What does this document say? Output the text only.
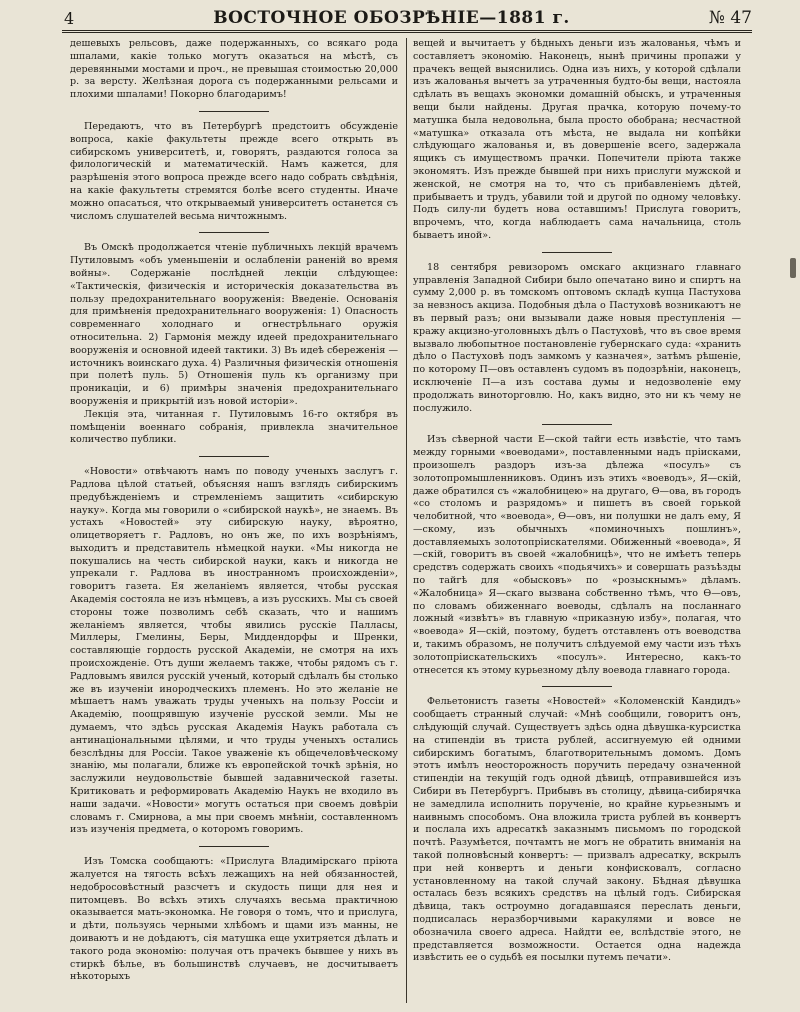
4	ВОСТОЧНОЕ ОБОЗРѢНІЕ—1881 г.	№ 47

дешевыхъ рельсовъ, даже подержанныхъ, со всякаго рода шпалами, какіе только могутъ оказаться на мѣстѣ, съ деревянными мостами и проч., не превышая стоимостью 20,000 р. за версту. Желѣзная дорога съ подержанными рельсами и плохими шпалами! Покорно благодаримъ!

Передаютъ, что въ Петербургѣ предстоитъ обсужденіе вопроса, какіе факультеты прежде всего открыть въ сибирскомъ университетѣ, и, говорятъ, раздаются голоса за филологическій и математическій. Намъ кажется, для разрѣшенія этого вопроса прежде всего надо собрать свѣдѣнія, на какіе факультеты стремятся болѣе всего студенты. Иначе можно опасаться, что открываемый университетъ останется съ числомъ слушателей весьма ничтожнымъ.

Въ Омскѣ продолжается чтеніе публичныхъ лекцій врачемъ Путиловымъ «объ уменьшеніи и ослабленіи раненій во время войны». Содержаніе послѣдней лекціи слѣдующее: «Тактическія, физическія и историческія доказательства въ пользу предохранительнаго вооруженія: Введеніе. Основанія для примѣненія предохранительнаго вооруженія: 1) Опасность современнаго холоднаго и огнестрѣльнаго оружія относительна. 2) Гармонія между идеей предохранительнаго вооруженія и основной идеей тактики. 3) Въ идеѣ сбереженія — источникъ воинскаго духа. 4) Различныя физическія отношенія при полетѣ пуль. 5) Отношенія пуль къ организму при проникаціи, и 6) примѣры значенія предохранительнаго вооруженія и прикрытій изъ новой исторіи».

Лекція эта, читанная г. Путиловымъ 16-го октября въ помѣщеніи военнаго собранія, привлекла значительное количество публики.

«Новости» отвѣчаютъ намъ по поводу ученыхъ заслугъ г. Радлова цѣлой статьей, объясняя нашъ взглядъ сибирскимъ предубѣжденіемъ и стремленіемъ защитить «сибирскую науку». Когда мы говорили о «сибирской наукѣ», не знаемъ. Въ устахъ «Новостей» эту сибирскую науку, вѣроятно, олицетворяетъ г. Радловъ, но онъ же, по ихъ возрѣніямъ, выходитъ и представитель нѣмецкой науки. «Мы никогда не покушались на честь сибирской науки, какъ и никогда не упрекали г. Радлова въ иностранномъ происхожденіи», говоритъ газета. Ея желаніемъ является, чтобы русская Академія состояла не изъ нѣмцевъ, а изъ русскихъ. Мы съ своей стороны тоже позволимъ себѣ сказать, что и нашимъ желаніемъ является, чтобы явились русскіе Палласы, Миллеры, Гмелины, Беры, Миддендорфы и Шренки, составляющіе гордость русской Академіи, не смотря на ихъ происхожденіе. Отъ души желаемъ также, чтобы рядомъ съ г. Радловымъ явился русскій ученый, который сдѣлалъ бы столько же въ изученіи инородческихъ племенъ. Но это желаніе не мѣшаетъ намъ уважать труды ученыхъ на пользу Россіи и Академію, поощрявшую изученіе русской земли. Мы не думаемъ, что здѣсь русская Академія Наукъ работала съ антинаціональными цѣлями, и что труды ученыхъ остались безслѣдны для Россіи. Такое уваженіе къ общечеловѣческому знанію, мы полагали, ближе къ европейской точкѣ зрѣнія, но заслужили неудовольствіе бывшей задавнической газеты. Критиковать и реформировать Академію Наукъ не входило въ наши задачи. «Новости» могутъ остаться при своемъ довѣріи словамъ г. Смирнова, а мы при своемъ мнѣніи, составленномъ изъ изученія предмета, о которомъ говоримъ.

Изъ Томска сообщаютъ: «Прислуга Владимірскаго пріюта жалуется на тягость всѣхъ лежащихъ на ней обязанностей, недобросовѣстный разсчетъ и скудость пищи для нея и питомцевъ. Во всѣхъ этихъ случаяхъ весьма практичною оказывается мать-экономка. Не говоря о томъ, что и прислуга, и дѣти, пользуясь черными хлѣбомъ и щами изъ манны, не доиваютъ и не доѣдаютъ, сія матушка еще ухитряется дѣлать и такого рода экономію: получая отъ прачекъ бывшее у нихъ въ стиркѣ бѣлье, въ большинствѣ случаевъ, не досчитываетъ нѣкоторыхъ

вещей и вычитаетъ у бѣдныхъ деньги изъ жалованья, чѣмъ и составляетъ экономію. Наконецъ, нынѣ причины пропажи у прачекъ вещей выяснились. Одна изъ нихъ, у которой сдѣлали изъ жалованья вычетъ за утраченныя будто-бы вещи, настояла сдѣлать въ вещахъ экономки домашній обыскъ, и утраченныя вещи были найдены. Другая прачка, которую почему-то матушка была недовольна, была просто обобрана; несчастной «матушка» отказала отъ мѣста, не выдала ни копѣйки слѣдующаго жалованья и, въ довершеніе всего, задержала ящикъ съ имуществомъ прачки. Попечители пріюта также экономятъ. Изъ прежде бывшей при нихъ прислуги мужской и женской, не смотря на то, что съ прибавленіемъ дѣтей, прибываетъ и трудъ, убавили той и другой по одному человѣку. Подъ силу-ли будетъ нова оставшимъ! Прислуга говоритъ, впрочемъ, что, когда наблюдаетъ сама начальница, столь бываетъ иной».

18 сентября ревизоромъ омскаго акцизнаго главнаго управленія Западной Сибири было опечатано вино и спиртъ на сумму 2,000 р. въ томскомъ оптовомъ складѣ купца Пастухова за невзносъ акциза. Подобныя дѣла о Пастуховѣ возникаютъ не въ первый разъ; они вызывали даже новыя преступленія — кражу акцизно-уголовныхъ дѣлъ о Пастуховѣ, что въ свое время вызвало любопытное постановленіе губернскаго суда: «хранить дѣло о Пастуховѣ подъ замкомъ у казначея», затѣмъ рѣшеніе, по которому П—овъ оставленъ судомъ въ подозрѣніи, наконецъ, исключеніе П—а изъ состава думы и недозволеніе ему продолжать виноторговлю. Но, какъ видно, это ни къ чему не послужило.

Изъ сѣверной части Е—ской тайги есть извѣстіе, что тамъ между горными «воеводами», поставленными надъ пріисками, произошелъ раздоръ изъ-за дѣлежа «посулъ» съ золотопромышленниковъ. Одинъ изъ этихъ «воеводъ», Я—скій, даже обратился съ «жалобницею» на другаго, Ѳ—ова, въ городъ «со столомъ и разрядомъ» и пишетъ въ своей горькой челобитной, что «воевода», Ѳ—овъ, ни полушки не далъ ему, Я—скому, изъ обычныхъ «поминочныхъ пошлинъ», доставляемыхъ золотопріискателями. Обиженный «воевода», Я—скій, говоритъ въ своей «жалобницѣ», что не имѣетъ теперь средствъ содержать своихъ «подьячихъ» и совершать разъѣзды по тайгѣ для «обысковъ» по «розыскнымъ» дѣламъ. «Жалобница» Я—скаго вызвана собственно тѣмъ, что Ѳ—овъ, по словамъ обиженнаго воеводы, сдѣлалъ на посланнаго ложный «извѣтъ» въ главную «приказную избу», полагая, что «воевода» Я—скій, поэтому, будетъ отставленъ отъ воеводства и, такимъ образомъ, не получитъ слѣдуемой ему части изъ тѣхъ золотопріискательскихъ «посулъ». Интересно, какъ-то отнесется къ этому курьезному дѣлу воевода главнаго города.

Фельетонистъ газеты «Новостей» «Коломенскій Кандидъ» сообщаетъ странный случай: «Мнѣ сообщили, говоритъ онъ, слѣдующій случай. Существуетъ здѣсь одна дѣвушка-курсистка на стипендіи въ триста рублей, ассигнуемую ей одними сибирскимъ богатымъ, благотворительнымъ домомъ. Домъ этотъ имѣлъ неосторожность поручить передачу означенной стипендіи на текущій годъ одной дѣвицѣ, отправившейся изъ Сибири въ Петербургъ. Прибывъ въ столицу, дѣвица-сибирячка не замедлила исполнить порученіе, но крайне курьезнымъ и наивнымъ способомъ. Она вложила триста рублей въ конвертъ и послала ихъ адресаткѣ заказнымъ письмомъ по городской почтѣ. Разумѣется, почтамтъ не могъ не обратить вниманія на такой полновѣсный конвертъ: — призвалъ адресатку, вскрылъ при ней конвертъ и деньги конфисковалъ, согласно установленному на такой случай закону. Бѣдная дѣвушка осталась безъ всякихъ средствъ на цѣлый годъ. Сибирская дѣвица, такъ остроумно догадавшаяся переслать деньги, подписалась неразборчивыми каракулями и вовсе не обозначила своего адреса. Найдти ее, вслѣдствіе этого, не представляется возможности. Остается одна надежда извѣстить ее о судьбѣ ея посылки путемъ печати».
